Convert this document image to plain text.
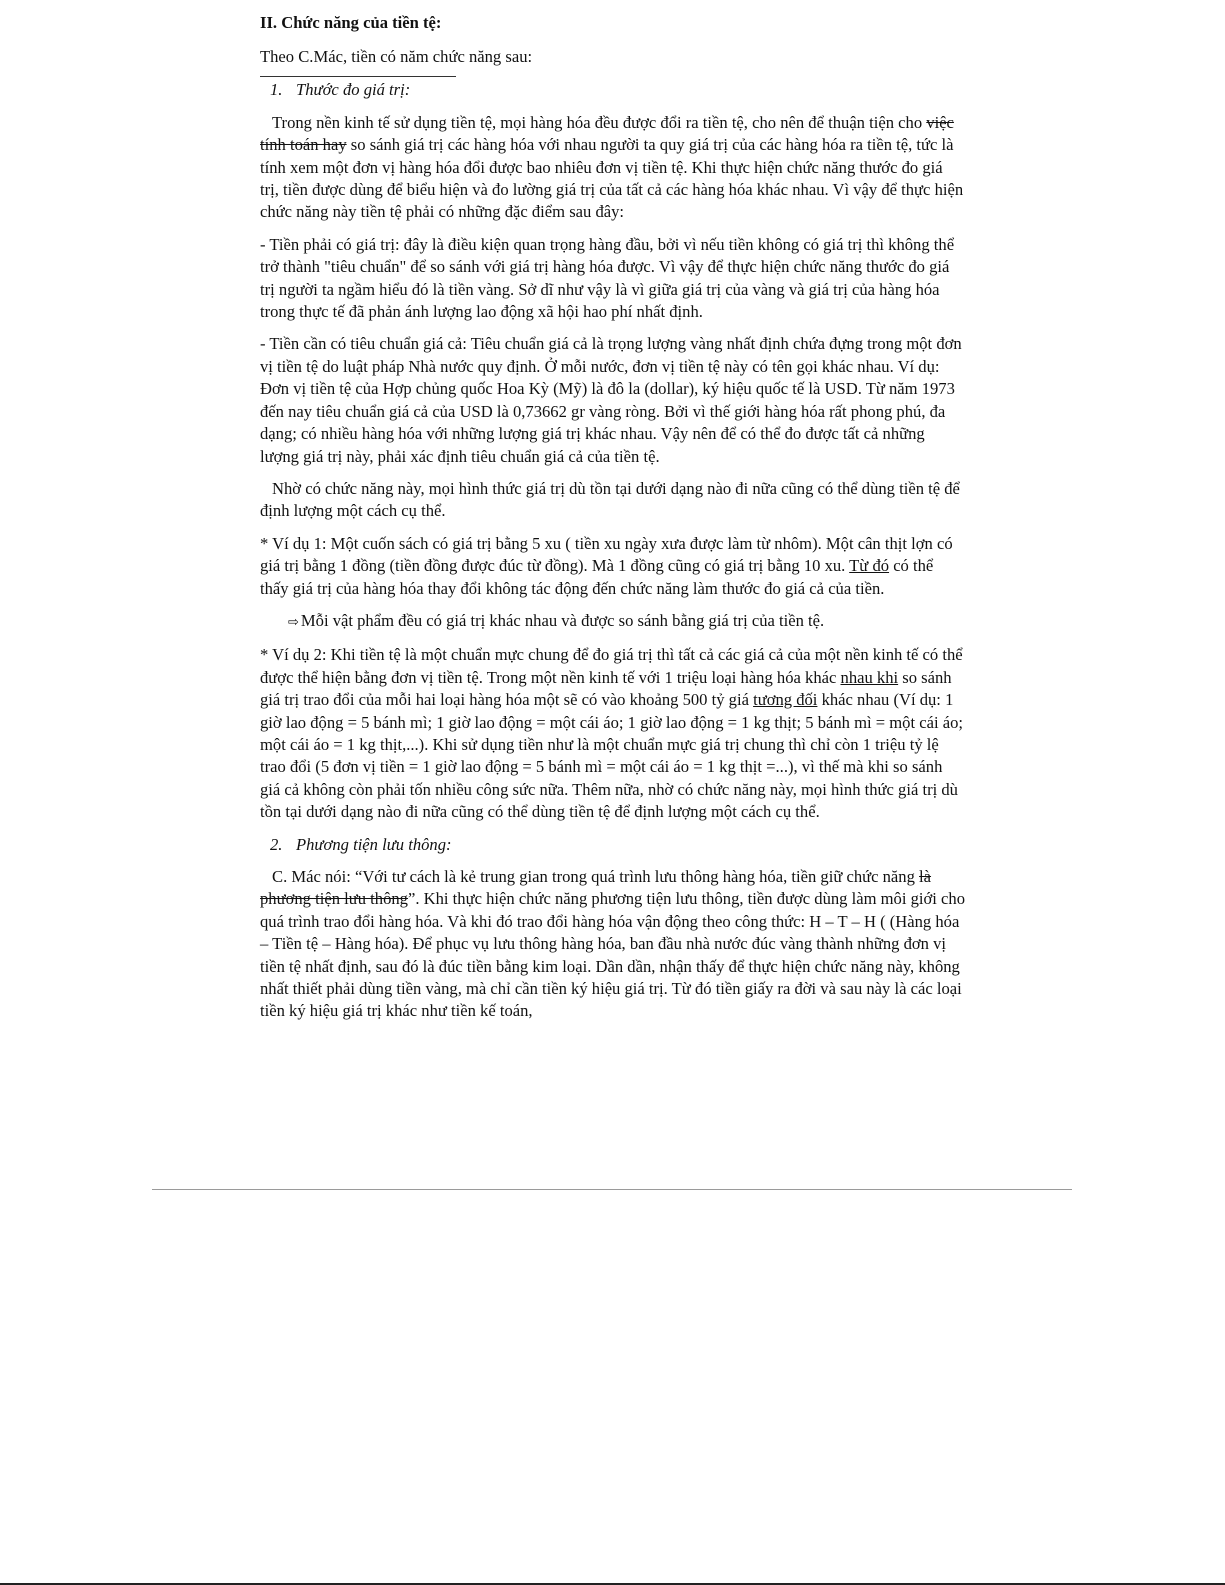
II. Chức năng của tiền tệ:

Theo C.Mác, tiền có năm chức năng sau:

1. Thước đo giá trị:

Trong nền kinh tế sử dụng tiền tệ, mọi hàng hóa đều được đổi ra tiền tệ, cho nên để thuận tiện cho việc tính toán hay so sánh giá trị các hàng hóa với nhau người ta quy giá trị của các hàng hóa ra tiền tệ, tức là tính xem một đơn vị hàng hóa đổi được bao nhiêu đơn vị tiền tệ. Khi thực hiện chức năng thước đo giá trị, tiền được dùng để biểu hiện và đo lường giá trị của tất cả các hàng hóa khác nhau. Vì vậy để thực hiện chức năng này tiền tệ phải có những đặc điểm sau đây:

- Tiền phải có giá trị: đây là điều kiện quan trọng hàng đầu, bởi vì nếu tiền không có giá trị thì không thể trở thành "tiêu chuẩn" để so sánh với giá trị hàng hóa được. Vì vậy để thực hiện chức năng thước đo giá trị người ta ngầm hiểu đó là tiền vàng. Sở dĩ như vậy là vì giữa giá trị của vàng và giá trị của hàng hóa trong thực tế đã phản ánh lượng lao động xã hội hao phí nhất định.

- Tiền cần có tiêu chuẩn giá cả: Tiêu chuẩn giá cả là trọng lượng vàng nhất định chứa đựng trong một đơn vị tiền tệ do luật pháp Nhà nước quy định. Ở mỗi nước, đơn vị tiền tệ này có tên gọi khác nhau. Ví dụ: Đơn vị tiền tệ của Hợp chủng quốc Hoa Kỳ (Mỹ) là đô la (dollar), ký hiệu quốc tế là USD. Từ năm 1973 đến nay tiêu chuẩn giá cả của USD là 0,73662 gr vàng ròng. Bởi vì thế giới hàng hóa rất phong phú, đa dạng; có nhiều hàng hóa với những lượng giá trị khác nhau. Vậy nên để có thể đo được tất cả những lượng giá trị này, phải xác định tiêu chuẩn giá cả của tiền tệ.

Nhờ có chức năng này, mọi hình thức giá trị dù tồn tại dưới dạng nào đi nữa cũng có thể dùng tiền tệ để định lượng một cách cụ thể.

* Ví dụ 1: Một cuốn sách có giá trị bằng 5 xu ( tiền xu ngày xưa được làm từ nhôm). Một cân thịt lợn có giá trị bằng 1 đồng (tiền đồng được đúc từ đồng). Mà 1 đồng cũng có giá trị bằng 10 xu. Từ đó có thể thấy giá trị của hàng hóa thay đổi không tác động đến chức năng làm thước đo giá cả của tiền.

⇨ Mỗi vật phẩm đều có giá trị khác nhau và được so sánh bằng giá trị của tiền tệ.

* Ví dụ 2: Khi tiền tệ là một chuẩn mực chung để đo giá trị thì tất cả các giá cả của một nền kinh tế có thể được thể hiện bằng đơn vị tiền tệ. Trong một nền kinh tế với 1 triệu loại hàng hóa khác nhau khi so sánh giá trị trao đổi của mỗi hai loại hàng hóa một sẽ có vào khoảng 500 tỷ giá tương đối khác nhau (Ví dụ: 1 giờ lao động = 5 bánh mì; 1 giờ lao động = một cái áo; 1 giờ lao động = 1 kg thịt; 5 bánh mì = một cái áo; một cái áo = 1 kg thịt,...). Khi sử dụng tiền như là một chuẩn mực giá trị chung thì chỉ còn 1 triệu tỷ lệ trao đổi (5 đơn vị tiền = 1 giờ lao động = 5 bánh mì = một cái áo = 1 kg thịt =...), vì thế mà khi so sánh giá cả không còn phải tốn nhiều công sức nữa. Thêm nữa, nhờ có chức năng này, mọi hình thức giá trị dù tồn tại dưới dạng nào đi nữa cũng có thể dùng tiền tệ để định lượng một cách cụ thể.

2. Phương tiện lưu thông:

C. Mác nói: “Với tư cách là kẻ trung gian trong quá trình lưu thông hàng hóa, tiền giữ chức năng là phương tiện lưu thông”. Khi thực hiện chức năng phương tiện lưu thông, tiền được dùng làm môi giới cho quá trình trao đổi hàng hóa. Và khi đó trao đổi hàng hóa vận động theo công thức: H – T – H ( (Hàng hóa – Tiền tệ – Hàng hóa). Để phục vụ lưu thông hàng hóa, ban đầu nhà nước đúc vàng thành những đơn vị tiền tệ nhất định, sau đó là đúc tiền bằng kim loại. Dần dần, nhận thấy để thực hiện chức năng này, không nhất thiết phải dùng tiền vàng, mà chỉ cần tiền ký hiệu giá trị. Từ đó tiền giấy ra đời và sau này là các loại tiền ký hiệu giá trị khác như tiền kế toán,
